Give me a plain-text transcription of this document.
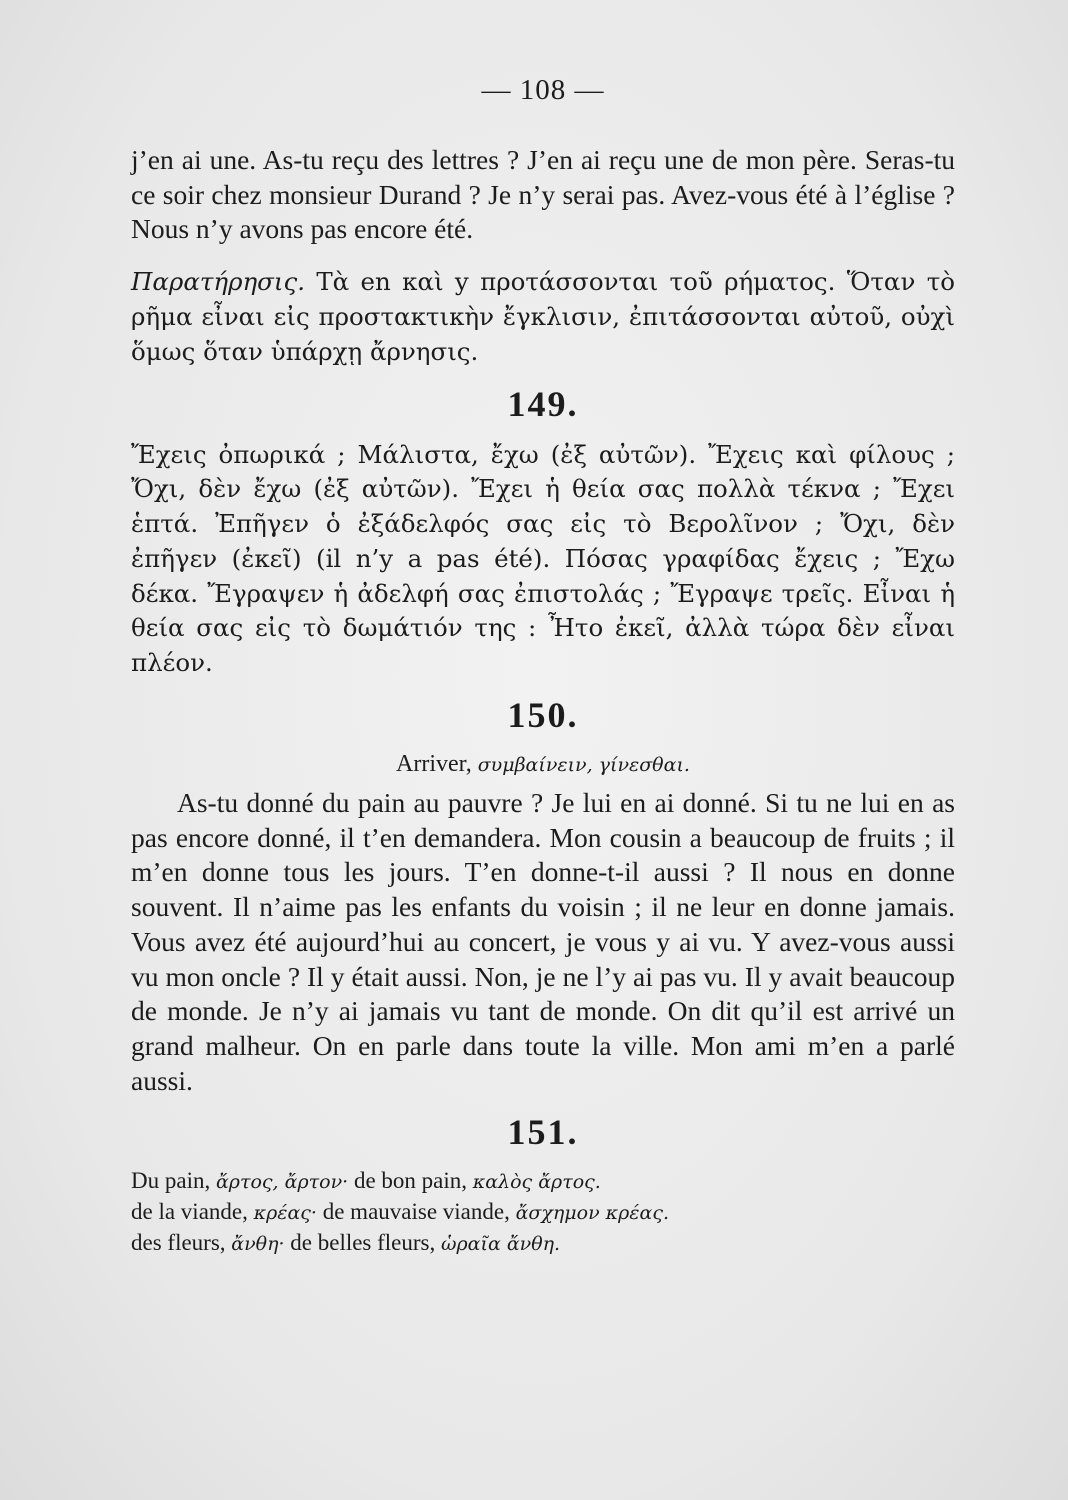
— 108 —

j’en ai une. As-tu reçu des lettres ? J’en ai reçu une de mon père. Seras-tu ce soir chez monsieur Durand ? Je n’y serai pas. Avez-vous été à l’église ? Nous n’y avons pas encore été.

Παρατήρησις. Τὰ en καὶ y προτάσσονται τοῦ ρήματος. Ὅταν τὸ ρῆμα εἶναι εἰς προστακτικὴν ἔγκλισιν, ἐπιτάσσονται αὐτοῦ, οὐχὶ ὅμως ὅταν ὑπάρχῃ ἄρνησις.

149.

Ἔχεις ὀπωρικά ; Μάλιστα, ἔχω (ἐξ αὐτῶν). Ἔχεις καὶ φίλους ; Ὄχι, δὲν ἔχω (ἐξ αὐτῶν). Ἔχει ἡ θεία σας πολλὰ τέκνα ; Ἔχει ἑπτά. Ἐπῆγεν ὁ ἐξάδελφός σας εἰς τὸ Βερολῖνον ; Ὄχι, δὲν ἐπῆγεν (ἐκεῖ) (il n’y a pas été). Πόσας γραφίδας ἔχεις ; Ἔχω δέκα. Ἔγραψεν ἡ ἀδελφή σας ἐπιστολάς ; Ἔγραψε τρεῖς. Εἶναι ἡ θεία σας εἰς τὸ δωμάτιόν της : Ἦτο ἐκεῖ, ἀλλὰ τώρα δὲν εἶναι πλέον.

150.
Arriver, συμβαίνειν, γίνεσθαι.

As-tu donné du pain au pauvre ? Je lui en ai donné. Si tu ne lui en as pas encore donné, il t’en demandera. Mon cousin a beaucoup de fruits ; il m’en donne tous les jours. T’en donne-t-il aussi ? Il nous en donne souvent. Il n’aime pas les enfants du voisin ; il ne leur en donne jamais. Vous avez été aujourd’hui au concert, je vous y ai vu. Y avez-vous aussi vu mon oncle ? Il y était aussi. Non, je ne l’y ai pas vu. Il y avait beaucoup de monde. Je n’y ai jamais vu tant de monde. On dit qu’il est arrivé un grand malheur. On en parle dans toute la ville. Mon ami m’en a parlé aussi.

151.
Du pain, ἄρτος, ἄρτον· de bon pain, καλὸς ἄρτος.
de la viande, κρέας· de mauvaise viande, ἄσχημον κρέας.
des fleurs, ἄνθη· de belles fleurs, ὡραῖα ἄνθη.
